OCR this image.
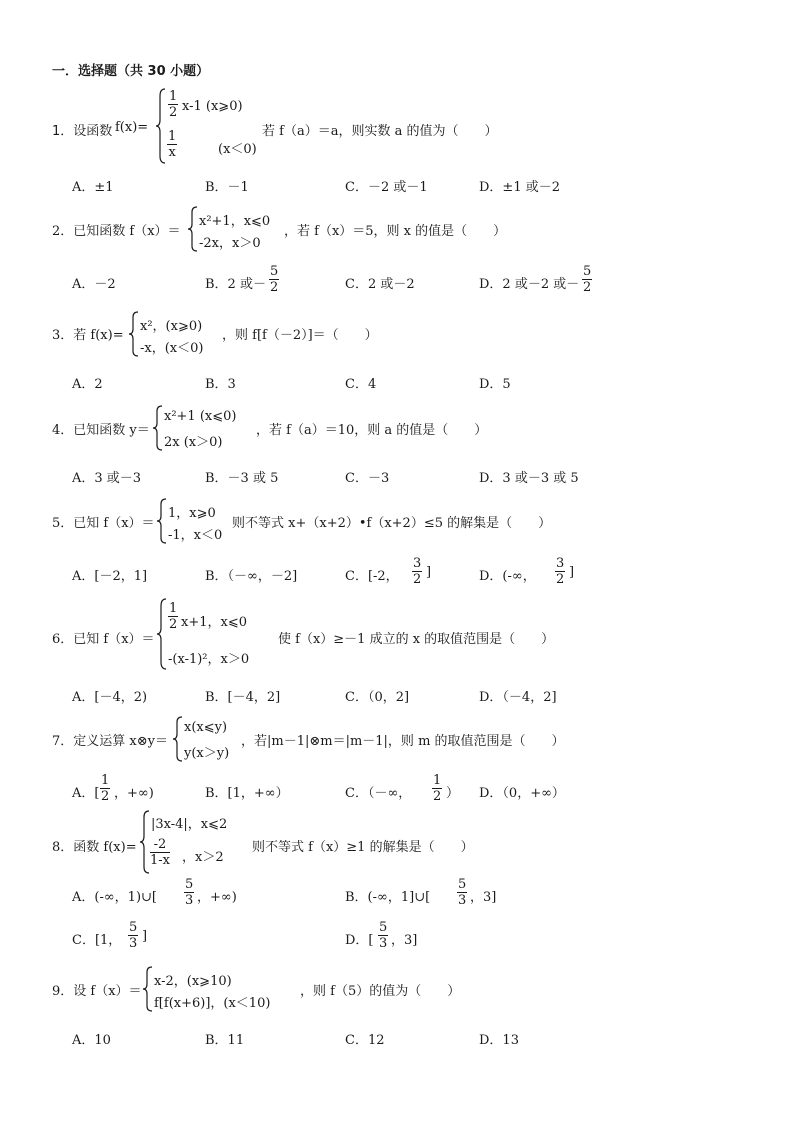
一．选择题（共 30 小题）
1．设函数 f(x)=
$\frac{1}{2} x-1$ (x⩾0)
$\frac{1}{x}$	(x＜0)
若 f（a）＝a，则实数 a 的值为（　　）
A．±1	B．－1	C．－2 或－1	D．±1 或－2
2．已知函数 f（x）＝
x²+1，x⩽0
-2x，x＞0
，若 f（x）＝5，则 x 的值是（　　）
A．－2	B．2 或－ $\frac{5}{2}$	C．2 或－2	D．2 或－2 或－ $\frac{5}{2}$
3．若 f(x)=
x²，(x⩾0)
-x，(x＜0)
，则 f[f（－2）]＝（　　）
A．2	B．3	C．4	D．5
4．已知函数 y＝
x²+1 (x⩽0)
2x (x＞0)
，若 f（a）＝10，则 a 的值是（　　）
A．3 或－3	B．－3 或 5	C．－3	D．3 或－3 或 5
5．已知 f（x）＝
1，x⩾0
-1，x＜0
则不等式 x+（x+2）•f（x+2）≤5 的解集是（　　）
A．[－2，1]	B．（－∞，－2]	C．[-2， $\frac{3}{2}$ ]	D．(-∞， $\frac{3}{2}$ ]
6．已知 f（x）＝
$\frac{1}{2} x+1$，x⩽0
-(x-1)²，x＞0
使 f（x）≥－1 成立的 x 的取值范围是（　　）
A．[－4，2)	B．[－4，2]	C．（0，2]	D．（－4，2]
7．定义运算 x⊗y＝
x(x⩽y)
y(x＞y)
，若|m－1|⊗m＝|m－1|，则 m 的取值范围是（　　）
A．[ $\frac{1}{2}$ ，+∞)	B．[1，+∞）	C．（－∞， $\frac{1}{2}$ ） D．（0，+∞）
8．函数 f(x)=
|3x-4|，x⩽2
$\frac{-2}{1-x}$ ，x＞2
则不等式 f（x）≥1 的解集是（　　）
A．(-∞，1)∪[ $\frac{5}{3}$ ，+∞)	B．(-∞，1]∪[ $\frac{5}{3}$ ，3]
C．[1， $\frac{5}{3}$ ]	D．[ $\frac{5}{3}$ ，3]
9．设 f（x）＝
x-2，(x⩾10)
f[f(x+6)]，(x＜10)
，则 f（5）的值为（　　）
A．10	B．11	C．12	D．13
